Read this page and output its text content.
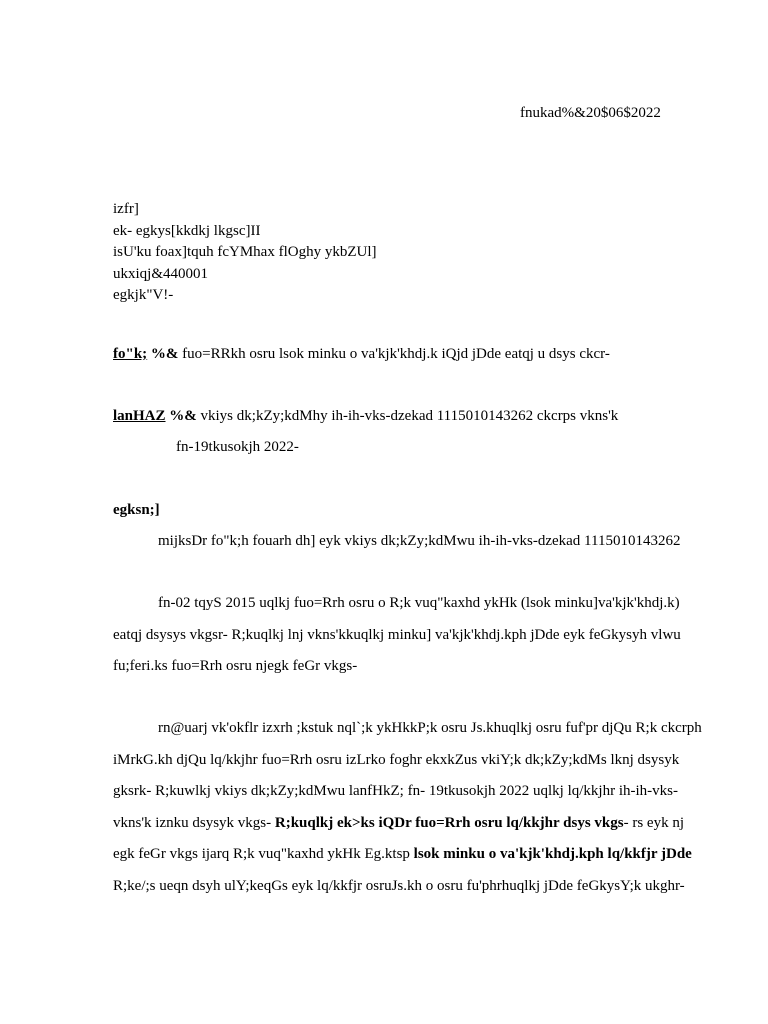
fnukad%&20$06$2022
izfr]
ek- egkys[kkdkj lkgsc]II
isU'ku foax]tquh fcYMhax flOghy ykbZUl]
ukxiqj&440001
egkjk"V!-
fo"k; %& fuo=RRkh osru lsok minku o va'kjk'khdj.k iQjd jDde eatqj u dsys ckcr-
lanHAZ %& vkiys dk;kZy;kdMhy ih-ih-vks-dzekad 1115010143262 ckcrps vkns'k
fn-19tkusokjh 2022-
egksn;]
mijksDr fo"k;h fouarh dh] eyk vkiys dk;kZy;kdMwu ih-ih-vks-dzekad 1115010143262
fn-02 tqyS 2015 uqlkj fuo=Rrh osru o R;k vuq"kaxhd ykHk (lsok minku]va'kjk'khdj.k) eatqj dsysys vkgsr- R;kuqlkj lnj vkns'kkuqlkj minku] va'kjk'khdj.kph jDde eyk feGkysyh vlwu fu;feri.ks fuo=Rrh osru njegk feGr vkgs-
rn@uarj vk'okflr izxrh ;kstuk nql`;k ykHkkP;k osru Js.khuqlkj osru fuf'pr djQu R;k ckcrph iMrkG.kh djQu lq/kkjhr fuo=Rrh osru izLrko foghr ekxkZus vkiY;k dk;kZy;kdMs lknj dsysyk gksrk- R;kuwlkj vkiys dk;kZy;kdMwu lanfHkZ; fn- 19tkusokjh 2022 uqlkj lq/kkjhr ih-ih-vks- vkns'k iznku dsysyk vkgs- R;kuqlkj ek>ks iQDr fuo=Rrh osru lq/kkjhr dsys vkgs- rs eyk nj egk feGr vkgs ijarq R;k vuq"kaxhd ykHk Eg.ktsp lsok minku o va'kjk'khdj.kph lq/kkfjr jDde R;ke/;s ueqn dsyh ulY;keqGs eyk lq/kkfjr osruJs.kh o osru fu'phrhuqlkj jDde feGkysY;k ukghr-
